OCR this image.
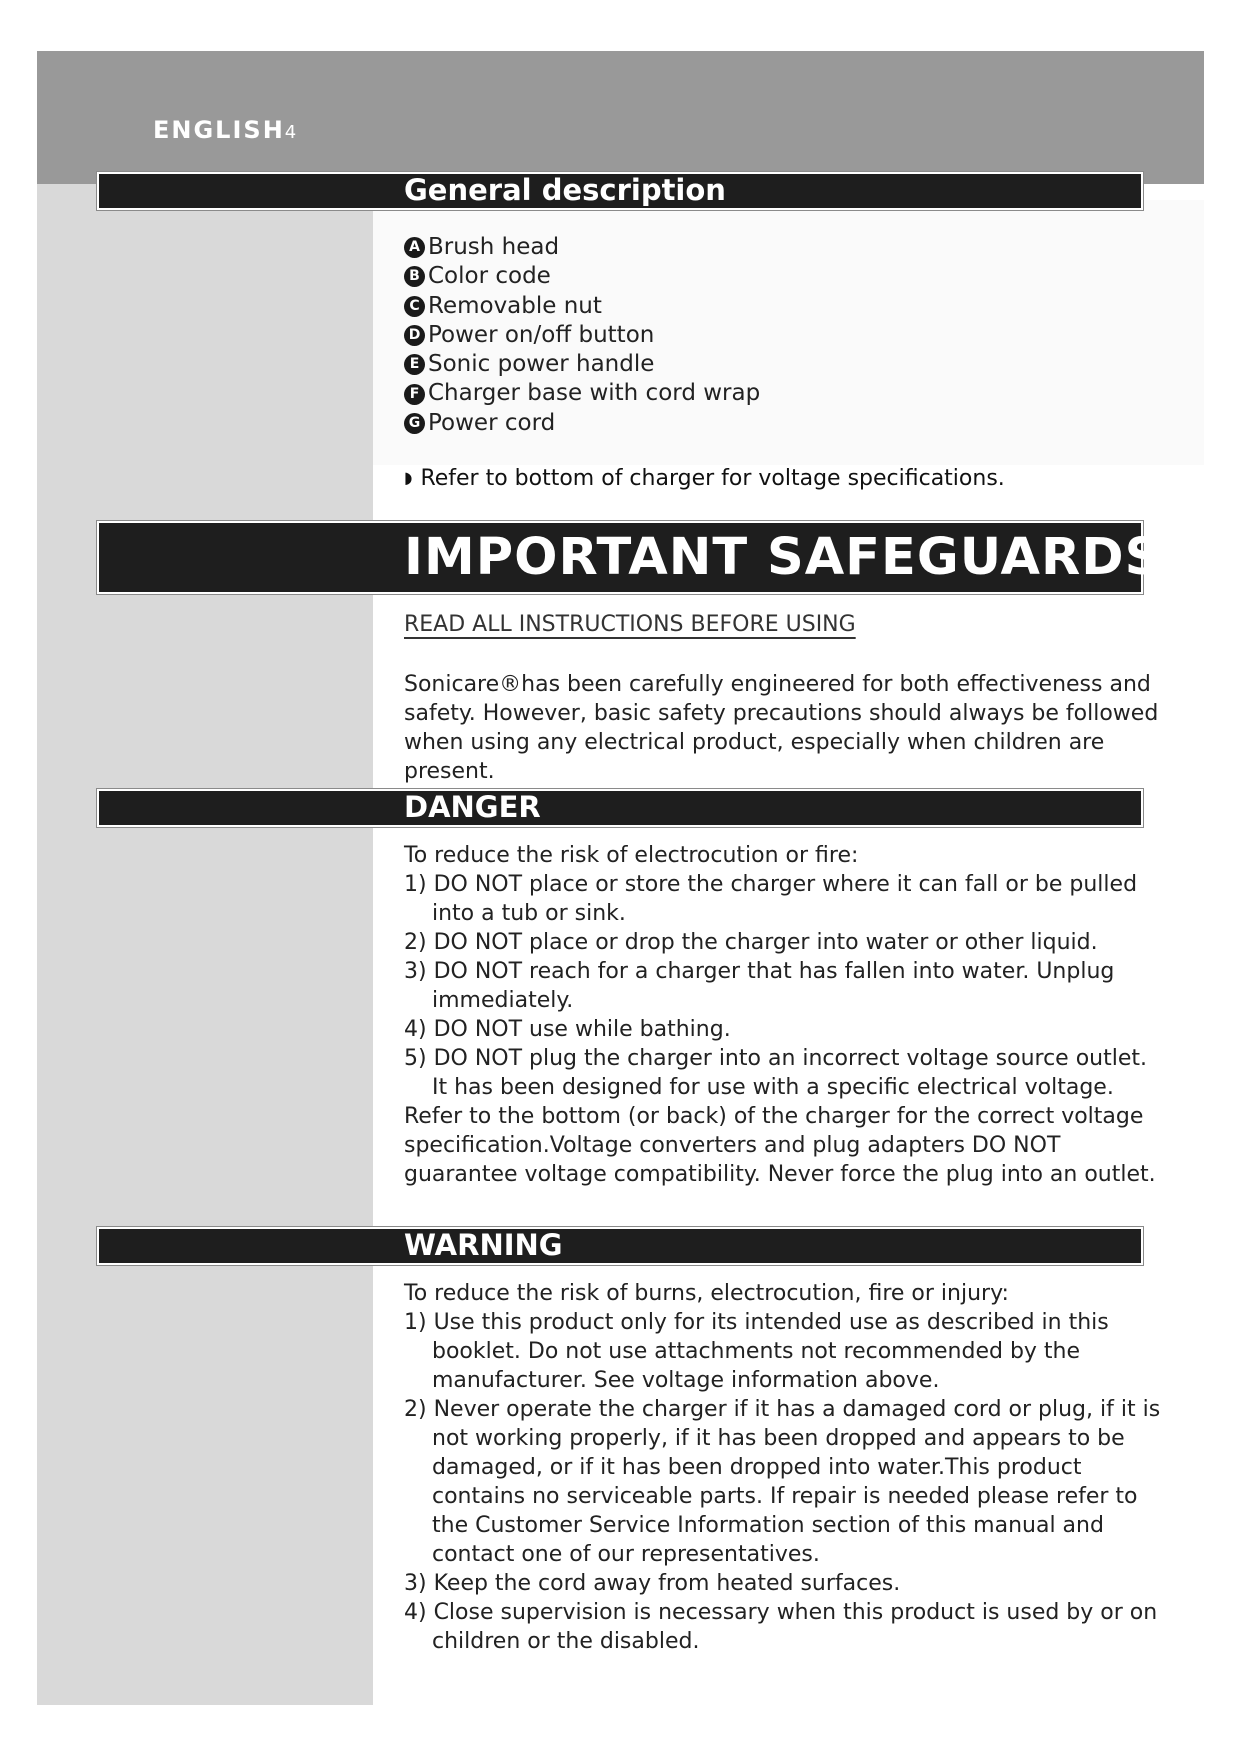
ENGLISH4
General description
A Brush head
B Color code
C Removable nut
D Power on/off button
E Sonic power handle
F Charger base with cord wrap
G Power cord
◗ Refer to bottom of charger for voltage specifications.
IMPORTANT SAFEGUARDS
READ ALL INSTRUCTIONS BEFORE USING
Sonicare®has been carefully engineered for both effectiveness and safety. However, basic safety precautions should always be followed when using any electrical product, especially when children are present.
DANGER

To reduce the risk of electrocution or fire:

1) DO NOT place or store the charger where it can fall or be pulled into a tub or sink.
2) DO NOT place or drop the charger into water or other liquid.
3) DO NOT reach for a charger that has fallen into water. Unplug immediately.
4) DO NOT use while bathing.
5) DO NOT plug the charger into an incorrect voltage source outlet. It has been designed for use with a specific electrical voltage.

Refer to the bottom (or back) of the charger for the correct voltage specification.Voltage converters and plug adapters DO NOT guarantee voltage compatibility. Never force the plug into an outlet.

WARNING

To reduce the risk of burns, electrocution, fire or injury:

1) Use this product only for its intended use as described in this booklet. Do not use attachments not recommended by the manufacturer. See voltage information above.
2) Never operate the charger if it has a damaged cord or plug, if it is not working properly, if it has been dropped and appears to be damaged, or if it has been dropped into water.This product contains no serviceable parts. If repair is needed please refer to the Customer Service Information section of this manual and contact one of our representatives.
3) Keep the cord away from heated surfaces.
4) Close supervision is necessary when this product is used by or on children or the disabled.
